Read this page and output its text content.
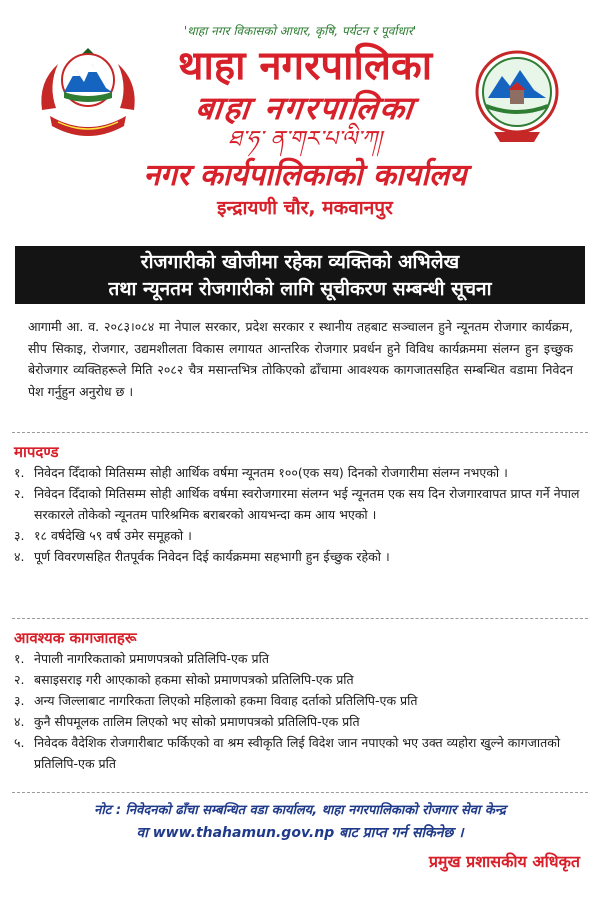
'थाहा नगर विकासको आधार, कृषि, पर्यटन र पूर्वाधार'
थाहा नगरपालिका
बाहा नगरपालिका
ཐ་ཧ་ ན་གར་པ་ལི་ཀ།
नगर कार्यपालिकाको कार्यालय
इन्द्रायणी चौर, मकवानपुर
रोजगारीको खोजीमा रहेका व्यक्तिको अभिलेख
तथा न्यूनतम रोजगारीको लागि सूचीकरण सम्बन्धी सूचना

आगामी आ. व. २०८३।०८४ मा नेपाल सरकार, प्रदेश सरकार र स्थानीय तहबाट सञ्चालन हुने न्यूनतम रोजगार कार्यक्रम, सीप सिकाइ, रोजगार, उद्यमशीलता विकास लगायत आन्तरिक रोजगार प्रवर्धन हुने विविध कार्यक्रममा संलग्न हुन इच्छुक बेरोजगार व्यक्तिहरूले मिति २०८२ चैत्र मसान्तभित्र तोकिएको ढाँचामा आवश्यक कागजातसहित सम्बन्धित वडामा निवेदन पेश गर्नुहुन अनुरोध छ ।

मापदण्ड
१. निवेदन दिँदाको मितिसम्म सोही आर्थिक वर्षमा न्यूनतम १००(एक सय) दिनको रोजगारीमा संलग्न नभएको ।
२. निवेदन दिँदाको मितिसम्म सोही आर्थिक वर्षमा स्वरोजगारमा संलग्न भई न्यूनतम एक सय दिन रोजगारवापत प्राप्त गर्ने नेपाल सरकारले तोकेको न्यूनतम पारिश्रमिक बराबरको आयभन्दा कम आय भएको ।
३. १८ वर्षदेखि ५९ वर्ष उमेर समूहको ।
४. पूर्ण विवरणसहित रीतपूर्वक निवेदन दिई कार्यक्रममा सहभागी हुन ईच्छुक रहेको ।
आवश्यक कागजातहरू
१. नेपाली नागरिकताको प्रमाणपत्रको प्रतिलिपि-एक प्रति
२. बसाइसराइ गरी आएकाको हकमा सोको प्रमाणपत्रको प्रतिलिपि-एक प्रति
३. अन्य जिल्लाबाट नागरिकता लिएको महिलाको हकमा विवाह दर्ताको प्रतिलिपि-एक प्रति
४. कुनै सीपमूलक तालिम लिएको भए सोको प्रमाणपत्रको प्रतिलिपि-एक प्रति
५. निवेदक वैदेशिक रोजगारीबाट फर्किएको वा श्रम स्वीकृति लिई विदेश जान नपाएको भए उक्त व्यहोरा खुल्ने कागजातको प्रतिलिपि-एक प्रति
नोट : निवेदनको ढाँचा सम्बन्धित वडा कार्यालय, थाहा नगरपालिकाको रोजगार सेवा केन्द्र
वा www.thahamun.gov.np बाट प्राप्त गर्न सकिनेछ ।
प्रमुख प्रशासकीय अधिकृत
